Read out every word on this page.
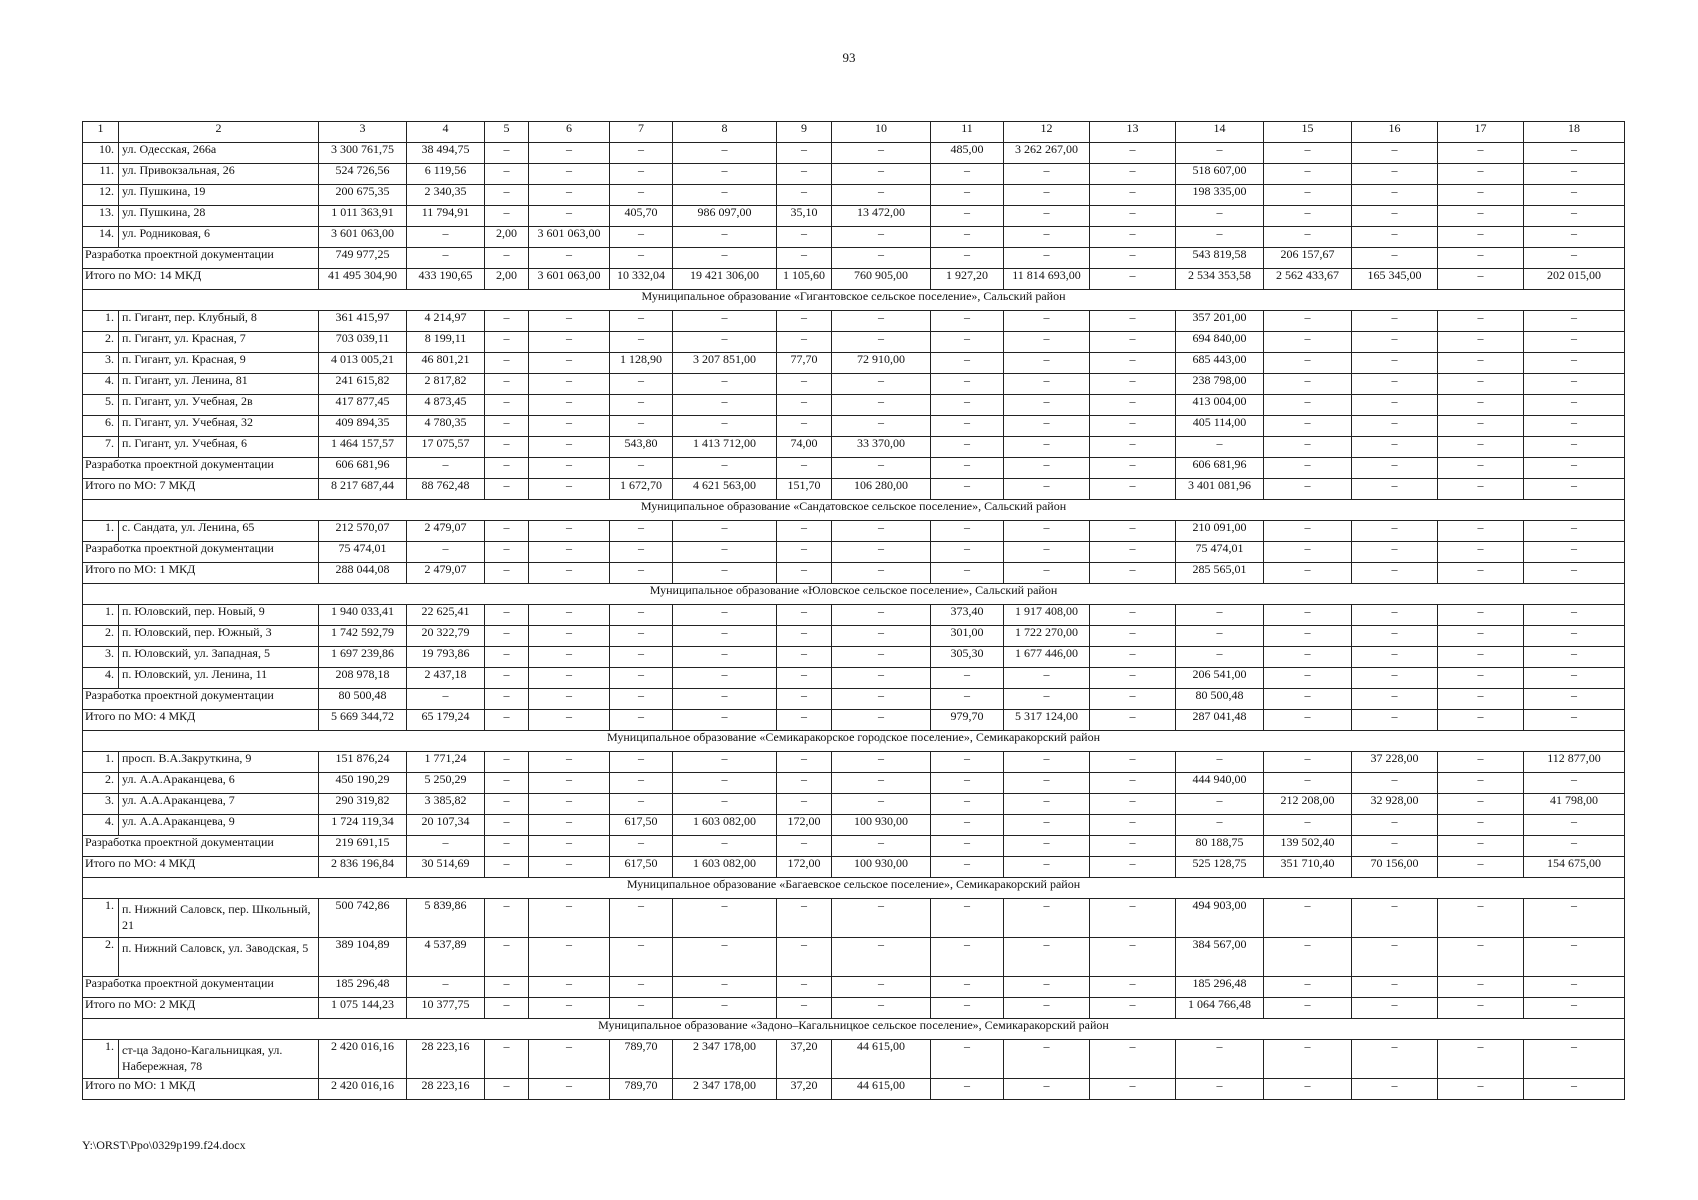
93
1	2	3	4	5	6	7	8	9	10	11	12	13	14	15	16	17	18
10.	ул. Одесская, 266а	3 300 761,75	38 494,75	–	–	–	–	–	–	485,00	3 262 267,00	–	–	–	–	–	–
11.	ул. Привокзальная, 26	524 726,56	6 119,56	–	–	–	–	–	–	–	–	–	518 607,00	–	–	–	–
12.	ул. Пушкина, 19	200 675,35	2 340,35	–	–	–	–	–	–	–	–	–	198 335,00	–	–	–	–
13.	ул. Пушкина, 28	1 011 363,91	11 794,91	–	–	405,70	986 097,00	35,10	13 472,00	–	–	–	–	–	–	–	–
14.	ул. Родниковая, 6	3 601 063,00	–	2,00	3 601 063,00	–	–	–	–	–	–	–	–	–	–	–	–
Разработка проектной документации		749 977,25	–	–	–	–	–	–	–	–	–	–	543 819,58	206 157,67	–	–	–
Итого по МО: 14 МКД		41 495 304,90	433 190,65	2,00	3 601 063,00	10 332,04	19 421 306,00	1 105,60	760 905,00	1 927,20	11 814 693,00	–	2 534 353,58	2 562 433,67	165 345,00	–	202 015,00
Муниципальное образование «Гигантовское сельское поселение», Сальский район																	
1.	п. Гигант, пер. Клубный, 8	361 415,97	4 214,97	–	–	–	–	–	–	–	–	–	357 201,00	–	–	–	–
2.	п. Гигант, ул. Красная, 7	703 039,11	8 199,11	–	–	–	–	–	–	–	–	–	694 840,00	–	–	–	–
3.	п. Гигант, ул. Красная, 9	4 013 005,21	46 801,21	–	–	1 128,90	3 207 851,00	77,70	72 910,00	–	–	–	685 443,00	–	–	–	–
4.	п. Гигант, ул. Ленина, 81	241 615,82	2 817,82	–	–	–	–	–	–	–	–	–	238 798,00	–	–	–	–
5.	п. Гигант, ул. Учебная, 2в	417 877,45	4 873,45	–	–	–	–	–	–	–	–	–	413 004,00	–	–	–	–
6.	п. Гигант, ул. Учебная, 32	409 894,35	4 780,35	–	–	–	–	–	–	–	–	–	405 114,00	–	–	–	–
7.	п. Гигант, ул. Учебная, 6	1 464 157,57	17 075,57	–	–	543,80	1 413 712,00	74,00	33 370,00	–	–	–	–	–	–	–	–
Разработка проектной документации		606 681,96	–	–	–	–	–	–	–	–	–	–	606 681,96	–	–	–	–
Итого по МО: 7 МКД		8 217 687,44	88 762,48	–	–	1 672,70	4 621 563,00	151,70	106 280,00	–	–	–	3 401 081,96	–	–	–	–
Муниципальное образование «Сандатовское сельское поселение», Сальский район																	
1.	с. Сандата, ул. Ленина, 65	212 570,07	2 479,07	–	–	–	–	–	–	–	–	–	210 091,00	–	–	–	–
Разработка проектной документации		75 474,01	–	–	–	–	–	–	–	–	–	–	75 474,01	–	–	–	–
Итого по МО: 1 МКД		288 044,08	2 479,07	–	–	–	–	–	–	–	–	–	285 565,01	–	–	–	–
Муниципальное образование «Юловское сельское поселение», Сальский район																	
1.	п. Юловский, пер. Новый, 9	1 940 033,41	22 625,41	–	–	–	–	–	–	373,40	1 917 408,00	–	–	–	–	–	–
2.	п. Юловский, пер. Южный, 3	1 742 592,79	20 322,79	–	–	–	–	–	–	301,00	1 722 270,00	–	–	–	–	–	–
3.	п. Юловский, ул. Западная, 5	1 697 239,86	19 793,86	–	–	–	–	–	–	305,30	1 677 446,00	–	–	–	–	–	–
4.	п. Юловский, ул. Ленина, 11	208 978,18	2 437,18	–	–	–	–	–	–	–	–	–	206 541,00	–	–	–	–
Разработка проектной документации		80 500,48	–	–	–	–	–	–	–	–	–	–	80 500,48	–	–	–	–
Итого по МО: 4 МКД		5 669 344,72	65 179,24	–	–	–	–	–	–	979,70	5 317 124,00	–	287 041,48	–	–	–	–
Муниципальное образование «Семикаракорское городское поселение», Семикаракорский район																	
1.	просп. В.А.Закруткина, 9	151 876,24	1 771,24	–	–	–	–	–	–	–	–	–	–	–	37 228,00	–	112 877,00
2.	ул. А.А.Араканцева, 6	450 190,29	5 250,29	–	–	–	–	–	–	–	–	–	444 940,00	–	–	–	–
3.	ул. А.А.Араканцева, 7	290 319,82	3 385,82	–	–	–	–	–	–	–	–	–	–	212 208,00	32 928,00	–	41 798,00
4.	ул. А.А.Араканцева, 9	1 724 119,34	20 107,34	–	–	617,50	1 603 082,00	172,00	100 930,00	–	–	–	–	–	–	–	–
Разработка проектной документации		219 691,15	–	–	–	–	–	–	–	–	–	–	80 188,75	139 502,40	–	–	–
Итого по МО: 4 МКД		2 836 196,84	30 514,69	–	–	617,50	1 603 082,00	172,00	100 930,00	–	–	–	525 128,75	351 710,40	70 156,00	–	154 675,00
Муниципальное образование «Багаевское сельское поселение», Семикаракорский район																	
1.	п. Нижний Саловск, пер. Школьный, 21	500 742,86	5 839,86	–	–	–	–	–	–	–	–	–	494 903,00	–	–	–	–
2.	п. Нижний Саловск, ул. Заводская, 5	389 104,89	4 537,89	–	–	–	–	–	–	–	–	–	384 567,00	–	–	–	–
Разработка проектной документации		185 296,48	–	–	–	–	–	–	–	–	–	–	185 296,48	–	–	–	–
Итого по МО: 2 МКД		1 075 144,23	10 377,75	–	–	–	–	–	–	–	–	–	1 064 766,48	–	–	–	–
Муниципальное образование «Задоно–Кагальницкое сельское поселение», Семикаракорский район																	
1.	ст-ца Задоно-Кагальницкая, ул. Набережная, 78	2 420 016,16	28 223,16	–	–	789,70	2 347 178,00	37,20	44 615,00	–	–	–	–	–	–	–	–
Итого по МО: 1 МКД		2 420 016,16	28 223,16	–	–	789,70	2 347 178,00	37,20	44 615,00	–	–	–	–	–	–	–	–
Y:\ORST\Ppo\0329p199.f24.docx
